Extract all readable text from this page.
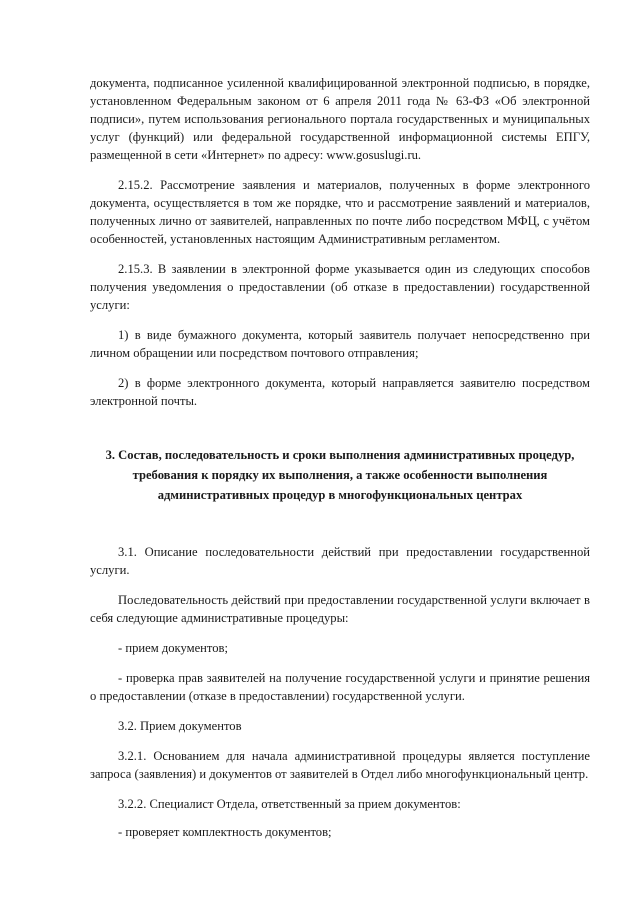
документа, подписанное усиленной квалифицированной электронной подписью, в порядке, установленном Федеральным законом от 6 апреля 2011 года № 63-ФЗ «Об электронной подписи», путем использования регионального портала государственных и муниципальных услуг (функций) или федеральной государственной информационной системы ЕПГУ, размещенной в сети «Интернет» по адресу: www.gosuslugi.ru.

2.15.2. Рассмотрение заявления и материалов, полученных в форме электронного документа, осуществляется в том же порядке, что и рассмотрение заявлений и материалов, полученных лично от заявителей, направленных по почте либо посредством МФЦ, с учётом особенностей, установленных настоящим Административным регламентом.

2.15.3. В заявлении в электронной форме указывается один из следующих способов получения уведомления о предоставлении (об отказе в предоставлении) государственной услуги:

1) в виде бумажного документа, который заявитель получает непосредственно при личном обращении или посредством почтового отправления;

2) в форме электронного документа, который направляется заявителю посредством электронной почты.

3. Состав, последовательность и сроки выполнения административных процедур,
требования к порядку их выполнения, а также особенности выполнения
административных процедур в многофункциональных центрах

3.1. Описание последовательности действий при предоставлении государственной услуги.

Последовательность действий при предоставлении государственной услуги включает в себя следующие административные процедуры:

- прием документов;

- проверка прав заявителей на получение государственной услуги и принятие решения о предоставлении (отказе в предоставлении) государственной услуги.

3.2. Прием документов

3.2.1. Основанием для начала административной процедуры является поступление запроса (заявления) и документов от заявителей в Отдел либо многофункциональный центр.

3.2.2. Специалист Отдела, ответственный за прием документов:

- проверяет комплектность документов;
